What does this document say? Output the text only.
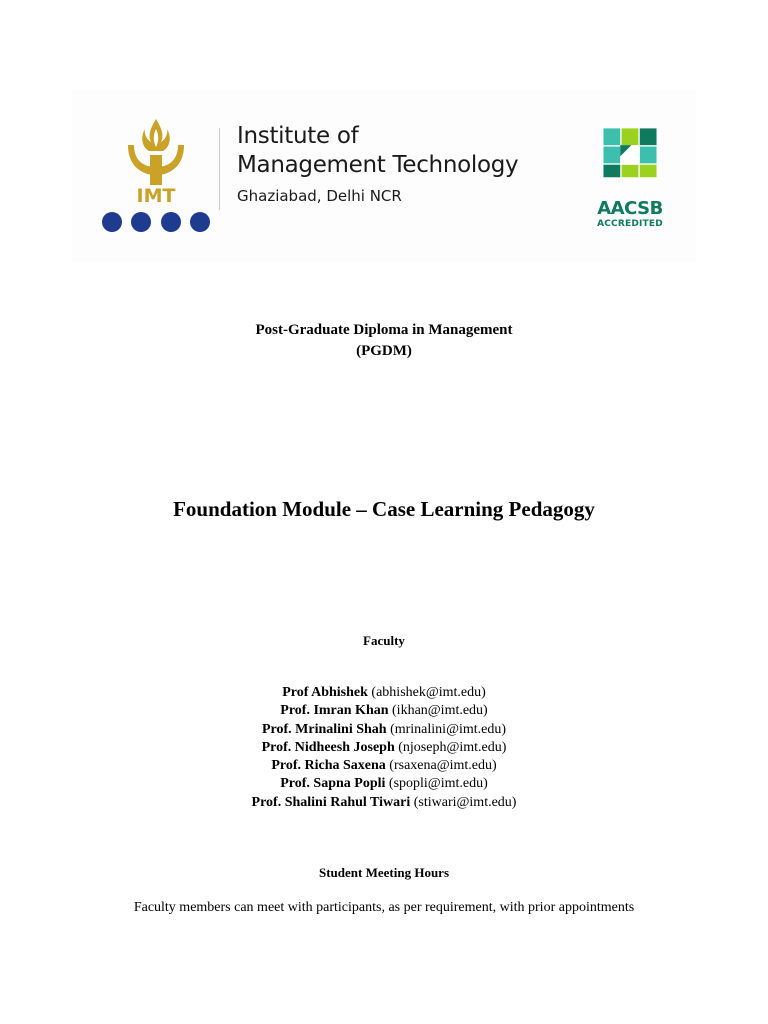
IMT
Institute of
Management Technology
Ghaziabad, Delhi NCR
AACSB
ACCREDITED
Post-Graduate Diploma in Management
(PGDM)
Foundation Module – Case Learning Pedagogy
Faculty
Prof Abhishek (abhishek@imt.edu)
Prof. Imran Khan (ikhan@imt.edu)
Prof. Mrinalini Shah (mrinalini@imt.edu)
Prof. Nidheesh Joseph (njoseph@imt.edu)
Prof. Richa Saxena (rsaxena@imt.edu)
Prof. Sapna Popli (spopli@imt.edu)
Prof. Shalini Rahul Tiwari (stiwari@imt.edu)
Student Meeting Hours
Faculty members can meet with participants, as per requirement, with prior appointments
